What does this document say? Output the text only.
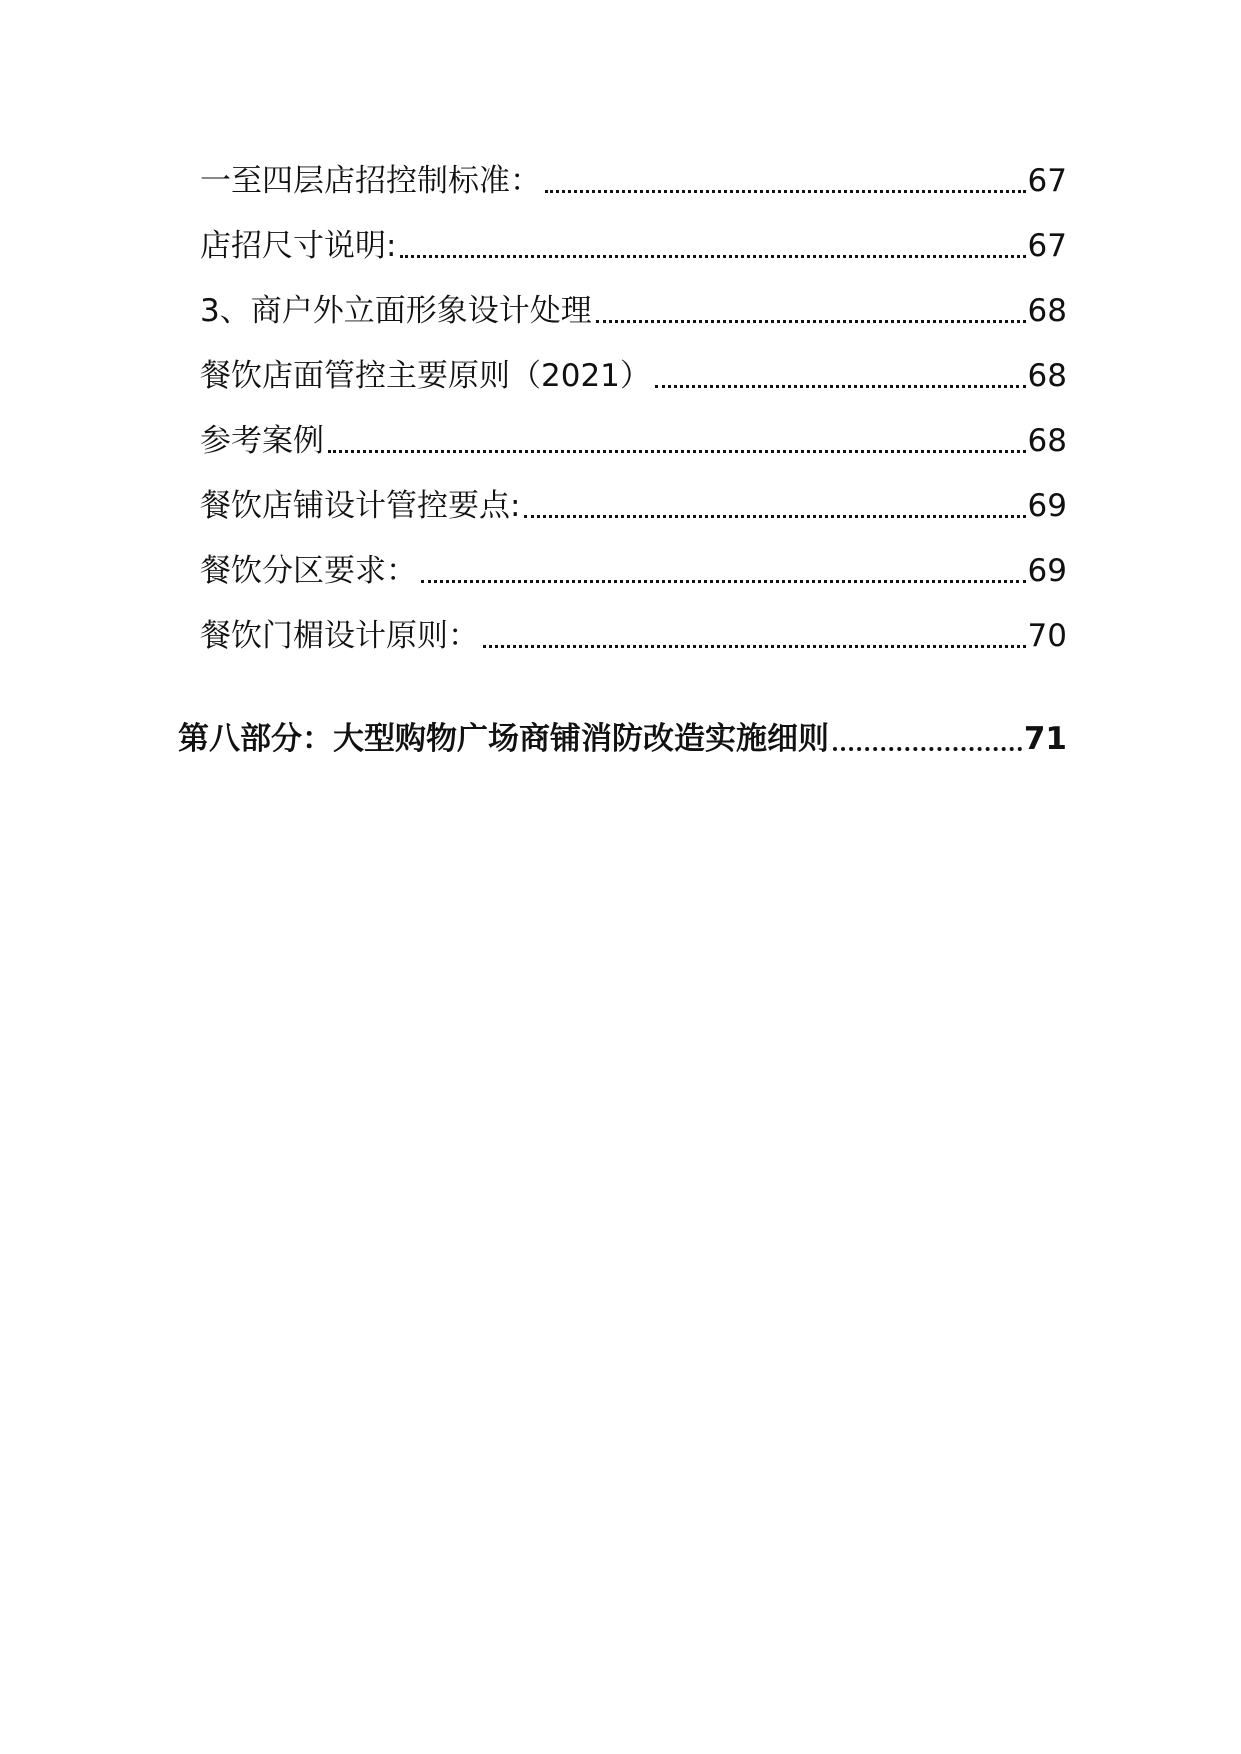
一至四层店招控制标准：	67
店招尺寸说明:	67
3、商户外立面形象设计处理	68
餐饮店面管控主要原则（2021）	68
参考案例	68
餐饮店铺设计管控要点:	69
餐饮分区要求：	69
餐饮门楣设计原则：	70
第八部分：大型购物广场商铺消防改造实施细则	71
